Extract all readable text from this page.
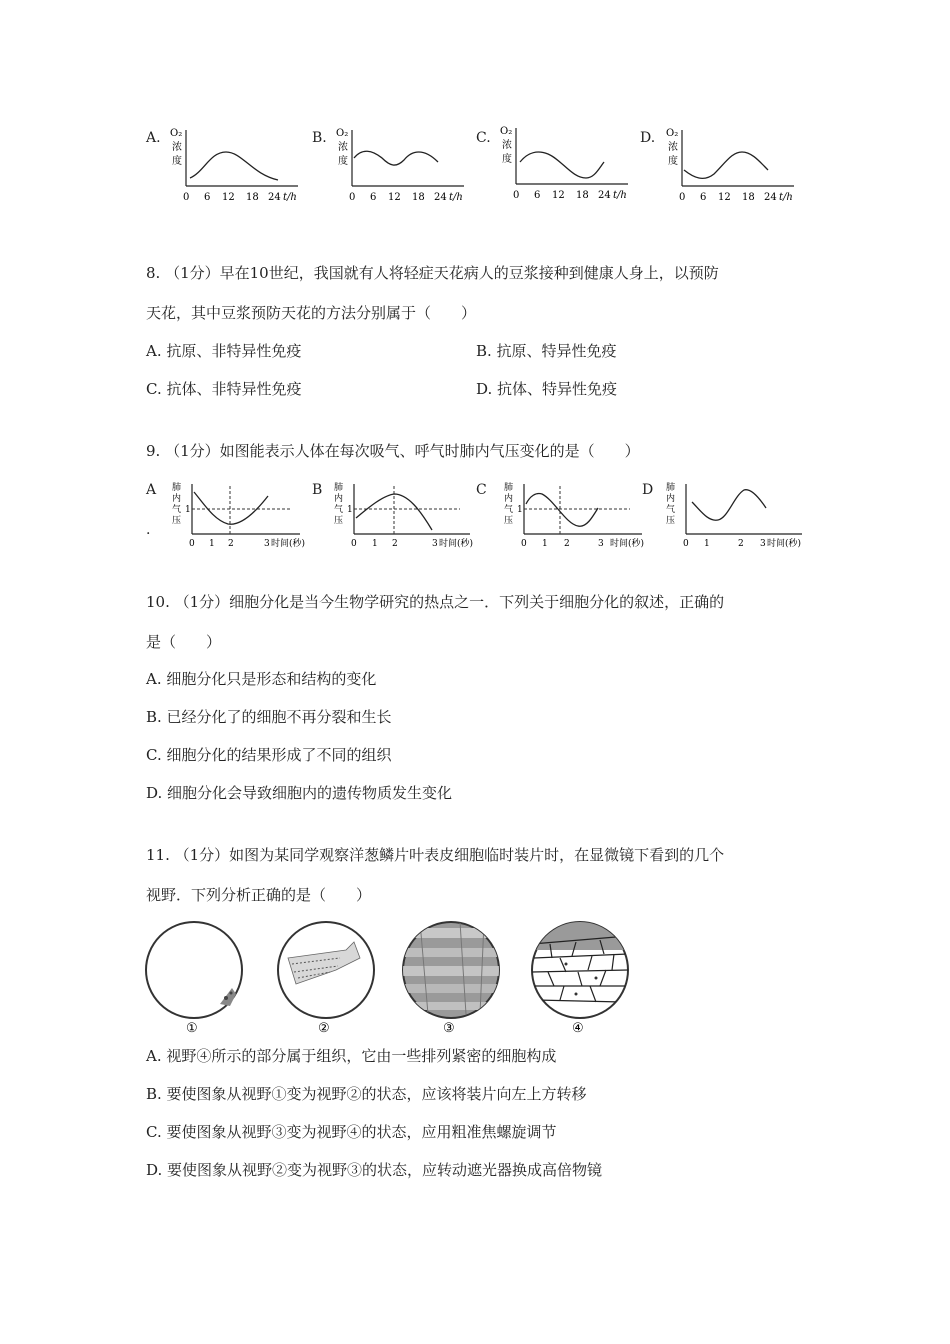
A. O₂
浓
度
0 6 12 18 24 t/h
B. O₂
浓
度
0 6 12 18 24 t/h
C. O₂
浓
度
0 6 12 18 24 t/h
D. O₂
浓
度
0 6 12 18 24 t/h
8. （1分）早在10世纪，我国就有人将轻症天花病人的豆浆接种到健康人身上，以预防
天花，其中豆浆预防天花的方法分别属于（　　）
A. 抗原、非特异性免疫	B. 抗原、特异性免疫
C. 抗体、非特异性免疫	D. 抗体、特异性免疫
9. （1分）如图能表示人体在每次吸气、呼气时肺内气压变化的是（　　）
A
.
肺
内
气
压
1
0 1 2	3 时间(秒)
B 肺
内
气
压
1
0 1 2	3 时间(秒)
C 肺
内
气
压
1
0 1 2	3 时间(秒)
D 肺
内
气
压
0 1	2 3 时间(秒)
10. （1分）细胞分化是当今生物学研究的热点之一．下列关于细胞分化的叙述，正确的
是（　　）
A. 细胞分化只是形态和结构的变化
B. 已经分化了的细胞不再分裂和生长
C. 细胞分化的结果形成了不同的组织
D. 细胞分化会导致细胞内的遗传物质发生变化
11. （1分）如图为某同学观察洋葱鳞片叶表皮细胞临时装片时，在显微镜下看到的几个
视野．下列分析正确的是（　　）
①	②	③	④
A. 视野④所示的部分属于组织，它由一些排列紧密的细胞构成
B. 要使图象从视野①变为视野②的状态，应该将装片向左上方转移
C. 要使图象从视野③变为视野④的状态，应用粗准焦螺旋调节
D. 要使图象从视野②变为视野③的状态，应转动遮光器换成高倍物镜
